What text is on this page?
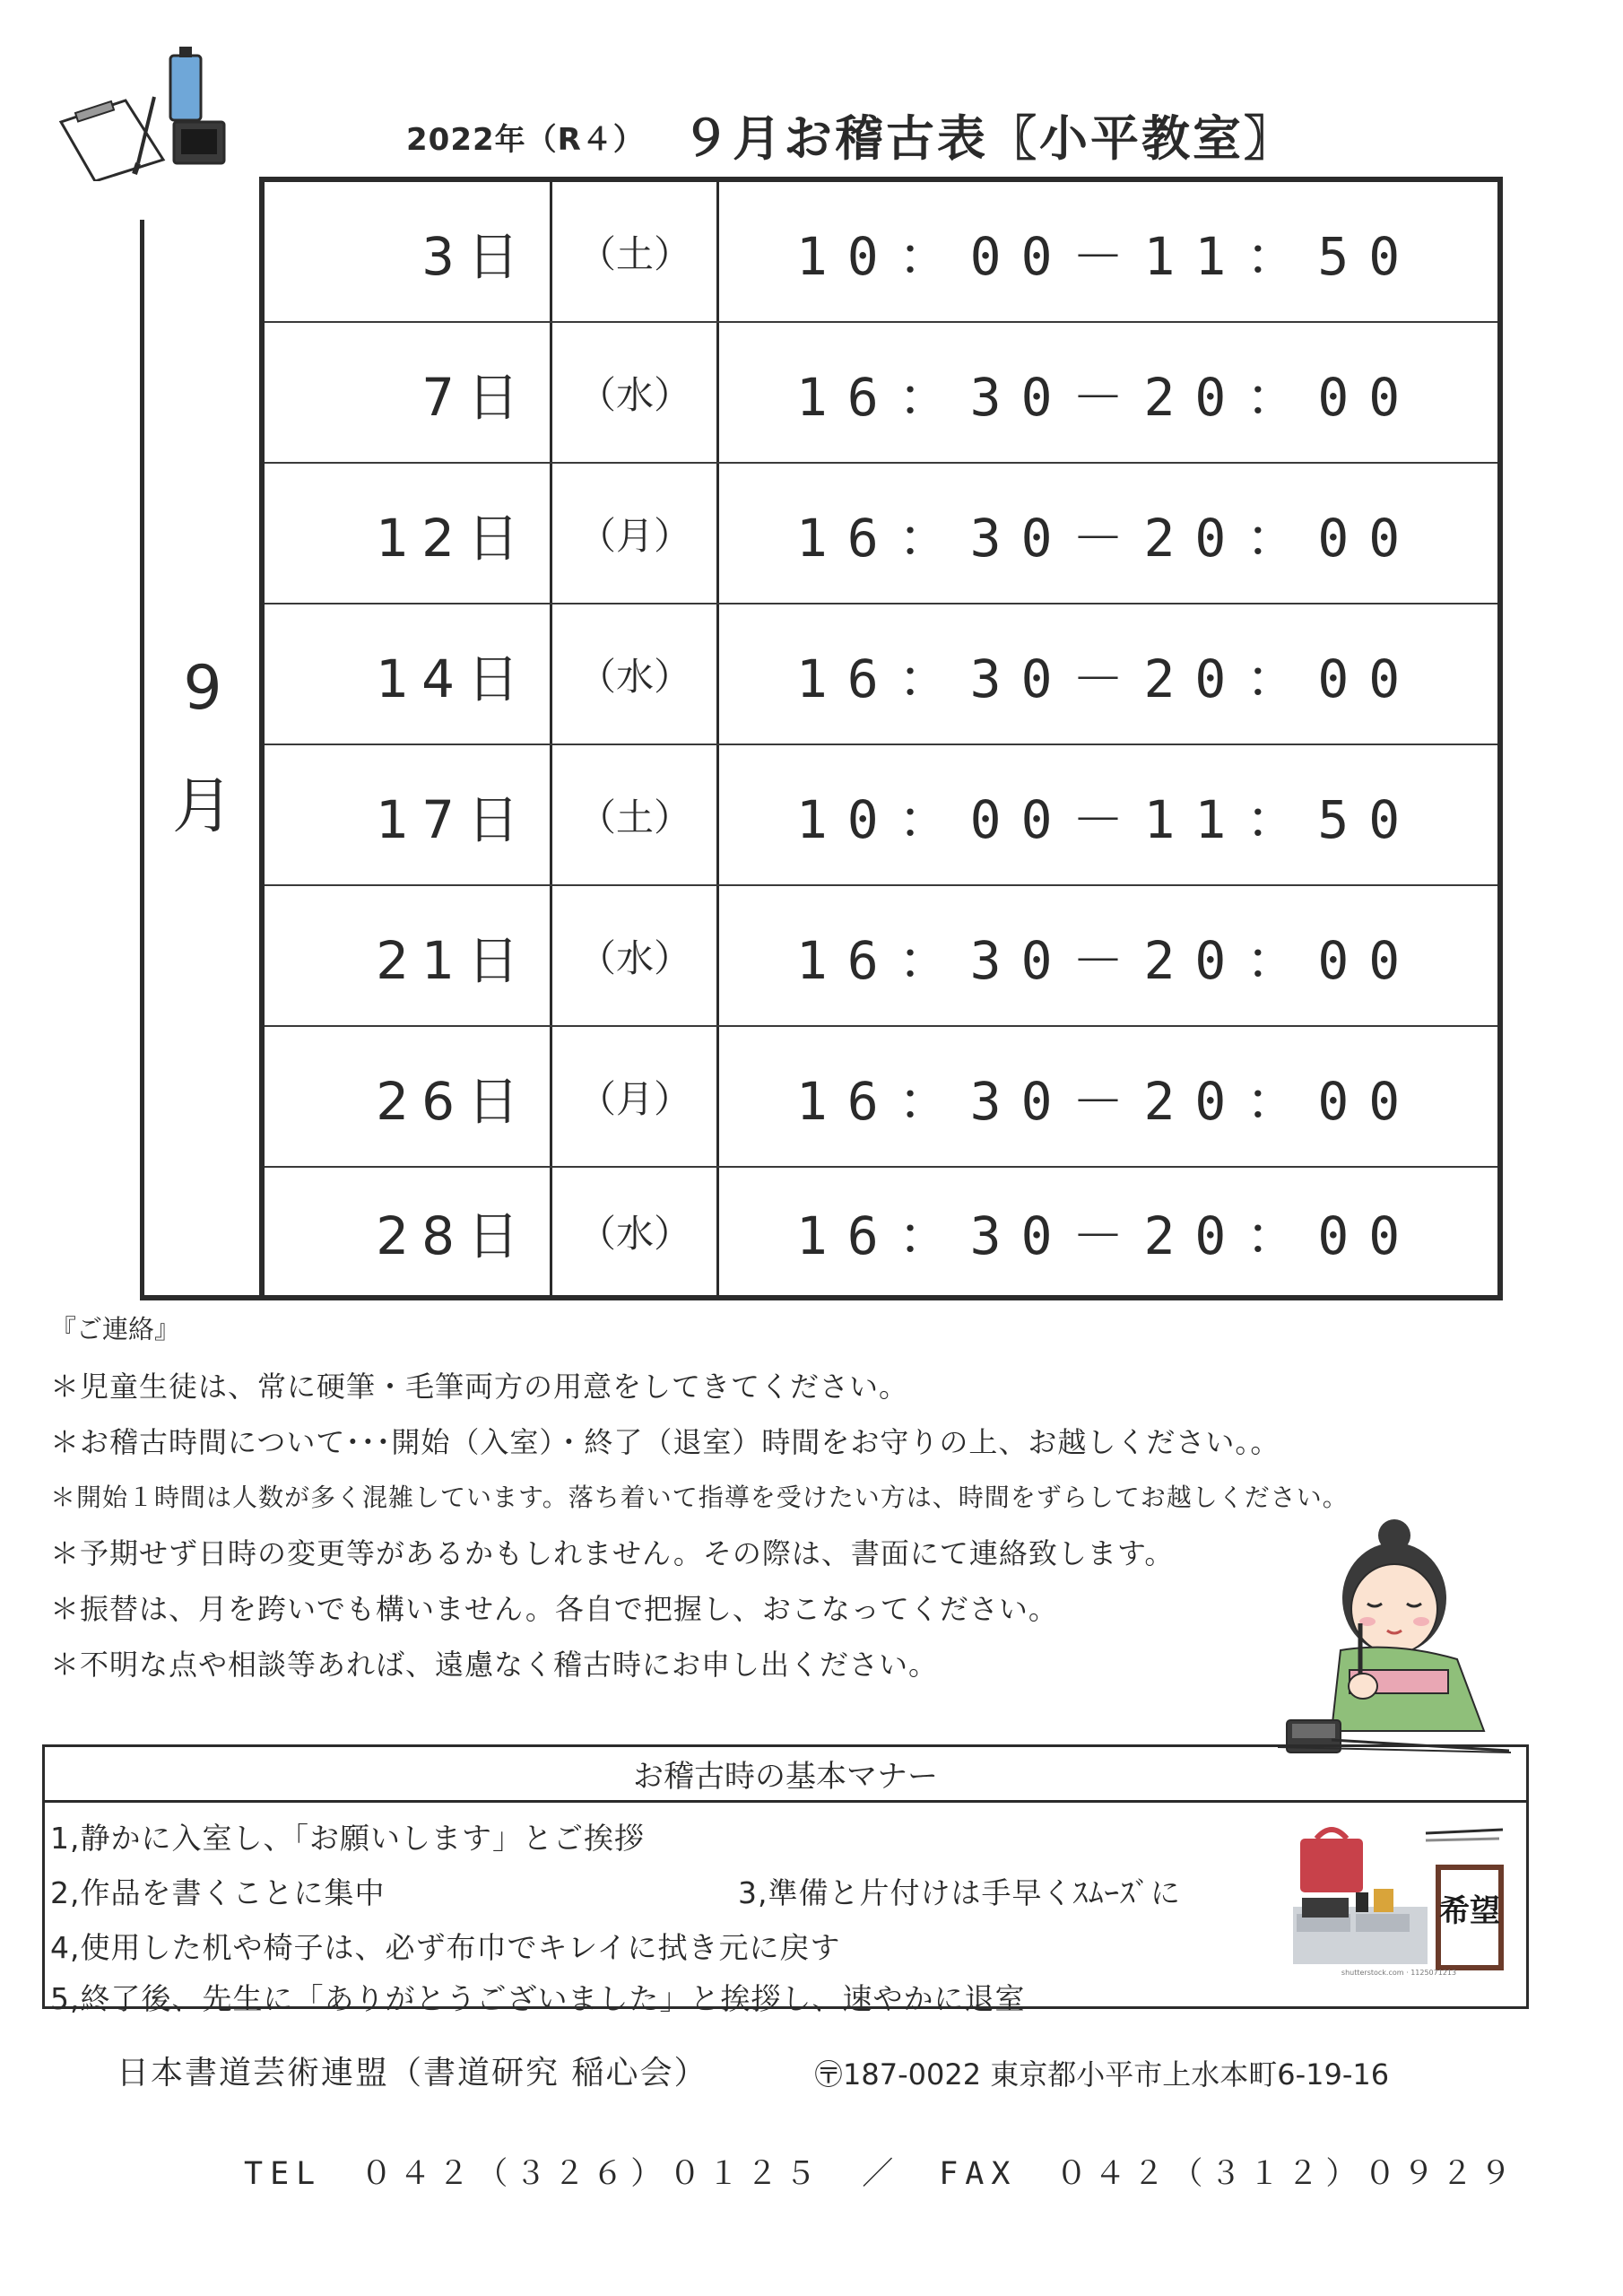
2022年（R４） ９月お稽古表〖小平教室〗
9
月
3日	（土）	10：00－11：50
7日	（水）	16：30－20：00
12日	（月）	16：30－20：00
14日	（水）	16：30－20：00
17日	（土）	10：00－11：50
21日	（水）	16：30－20：00
26日	（月）	16：30－20：00
28日	（水）	16：30－20：00
『ご連絡』
＊児童生徒は、常に硬筆・毛筆両方の用意をしてきてください。
＊お稽古時間について･･･開始（入室）・終了（退室）時間をお守りの上、お越しください。。
＊開始１時間は人数が多く混雑しています。落ち着いて指導を受けたい方は、時間をずらしてお越しください。
＊予期せず日時の変更等があるかもしれません。その際は、書面にて連絡致します。
＊振替は、月を跨いでも構いません。各自で把握し、おこなってください。
＊不明な点や相談等あれば、遠慮なく稽古時にお申し出ください。
お稽古時の基本マナー
1,静かに入室し、「お願いします」とご挨拶
2,作品を書くことに集中	3,準備と片付けは手早くｽﾑｰｽﾞに
4,使用した机や椅子は、必ず布巾でキレイに拭き元に戻す
5,終了後、先生に「ありがとうございました」と挨拶し、速やかに退室
希望
shutterstock.com · 1125071213
日本書道芸術連盟（書道研究 稲心会）	〶187-0022 東京都小平市上水本町6-19-16
TEL　０４２（３２６）０１２５　／　FAX　０４２（３１２）０９２９
